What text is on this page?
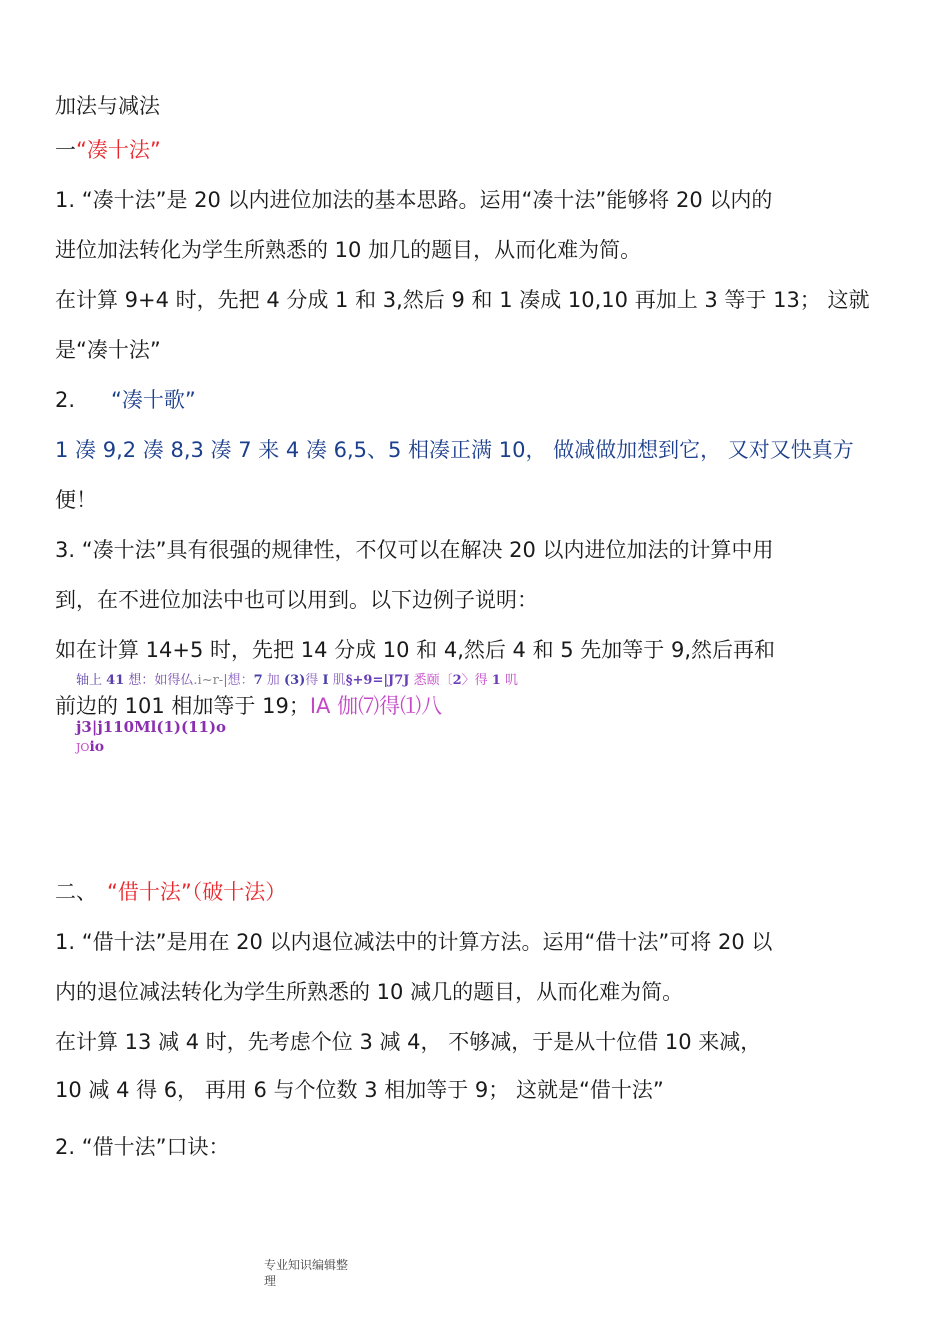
加法与减法
一“凑十法”
1. “凑十法”是 20 以内进位加法的基本思路。运用“凑十法”能够将 20 以内的
进位加法转化为学生所熟悉的 10 加几的题目，从而化难为简。
在计算 9+4 时，先把 4 分成 1 和 3,然后 9 和 1 凑成 10,10 再加上 3 等于 13； 这就
是“凑十法”
2. “凑十歌”
1 凑 9,2 凑 8,3 凑 7 来 4 凑 6,5、5 相凑正满 10， 做减做加想到它， 又对又快真方
便！
3. “凑十法”具有很强的规律性，不仅可以在解决 20 以内进位加法的计算中用
到，在不进位加法中也可以用到。以下边例子说明：
如在计算 14+5 时，先把 14 分成 10 和 4,然后 4 和 5 先加等于 9,然后再和
轴上 41 想：如得仏.i~r-|想：7 加 (3)得 I 肌§+9=|J7J 悉颐〔2〉得 1 叽
前边的 101 相加等于 19；IA 伽⑺得⑴八
j3|j110Ml(1)(11)o
JOio
二、 “借十法”（破十法）
1. “借十法”是用在 20 以内退位减法中的计算方法。运用“借十法”可将 20 以
内的退位减法转化为学生所熟悉的 10 减几的题目，从而化难为简。
在计算 13 减 4 时，先考虑个位 3 减 4， 不够减，于是从十位借 10 来减，
10 减 4 得 6， 再用 6 与个位数 3 相加等于 9； 这就是“借十法”
2. “借十法”口诀：
专业知识编辑整
理
